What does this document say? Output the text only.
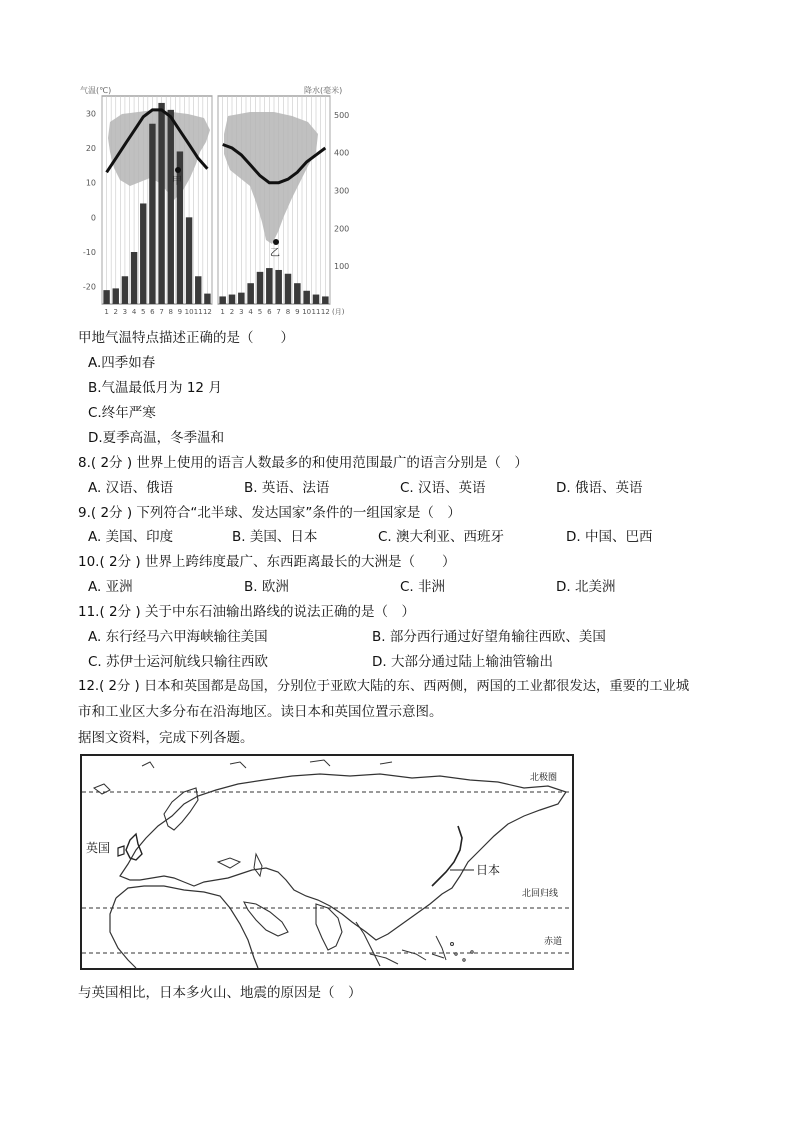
甲
乙
气温(℃)	降水(毫米)
30
20
10
0
-10
-20
500
400
300
200
100
1 2 3 4 5 6 7 8 9 10 11 12 1 2 3 4 5 6 7 8 9 10 11 12 (月)
甲地气温特点描述正确的是（　　）
A.四季如春
B.气温最低月为 12 月
C.终年严寒
D.夏季高温，冬季温和
8.( 2分 ) 世界上使用的语言人数最多的和使用范围最广的语言分别是（　）
A. 汉语、俄语	B. 英语、法语	C. 汉语、英语	D. 俄语、英语
9.( 2分 ) 下列符合“北半球、发达国家”条件的一组国家是（　）
A. 美国、印度	B. 美国、日本	C. 澳大利亚、西班牙	D. 中国、巴西
10.( 2分 ) 世界上跨纬度最广、东西距离最长的大洲是（　　）
A. 亚洲	B. 欧洲	C. 非洲	D. 北美洲
11.( 2分 ) 关于中东石油输出路线的说法正确的是（　）
A. 东行经马六甲海峡输往美国	B. 部分西行通过好望角输往西欧、美国
C. 苏伊士运河航线只输往西欧	D. 大部分通过陆上输油管输出
12.( 2分 ) 日本和英国都是岛国，分别位于亚欧大陆的东、西两侧，两国的工业都很发达，重要的工业城
市和工业区大多分布在沿海地区。读日本和英国位置示意图。
据图文资料，完成下列各题。
英国
日本
北极圈
北回归线
赤道
与英国相比，日本多火山、地震的原因是（　）
